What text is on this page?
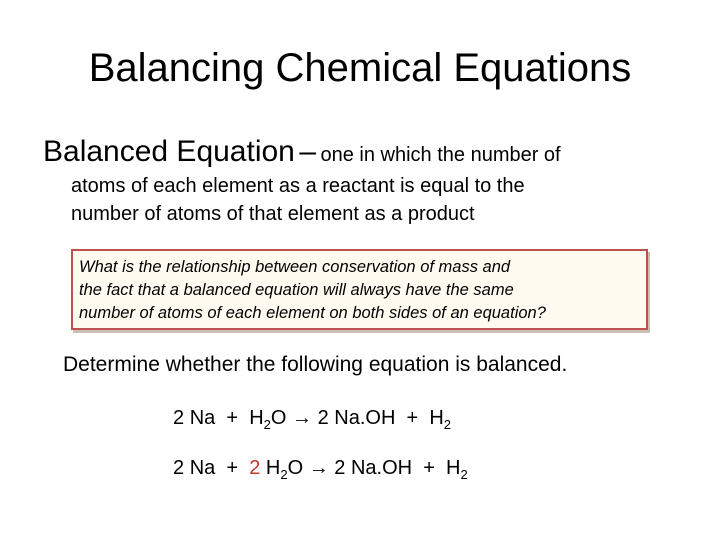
Balancing Chemical Equations
Balanced Equation – one in which the number of
atoms of each element as a reactant is equal to the
number of atoms of that element as a product
What is the relationship between conservation of mass and
the fact that a balanced equation will always have the same
number of atoms of each element on both sides of an equation?
Determine whether the following equation is balanced.
2 $Na + H_2O \to 2$ $Na.OH + H_2$
2 Na + 2 $H_2O \to 2$ $Na.OH + H_2$
